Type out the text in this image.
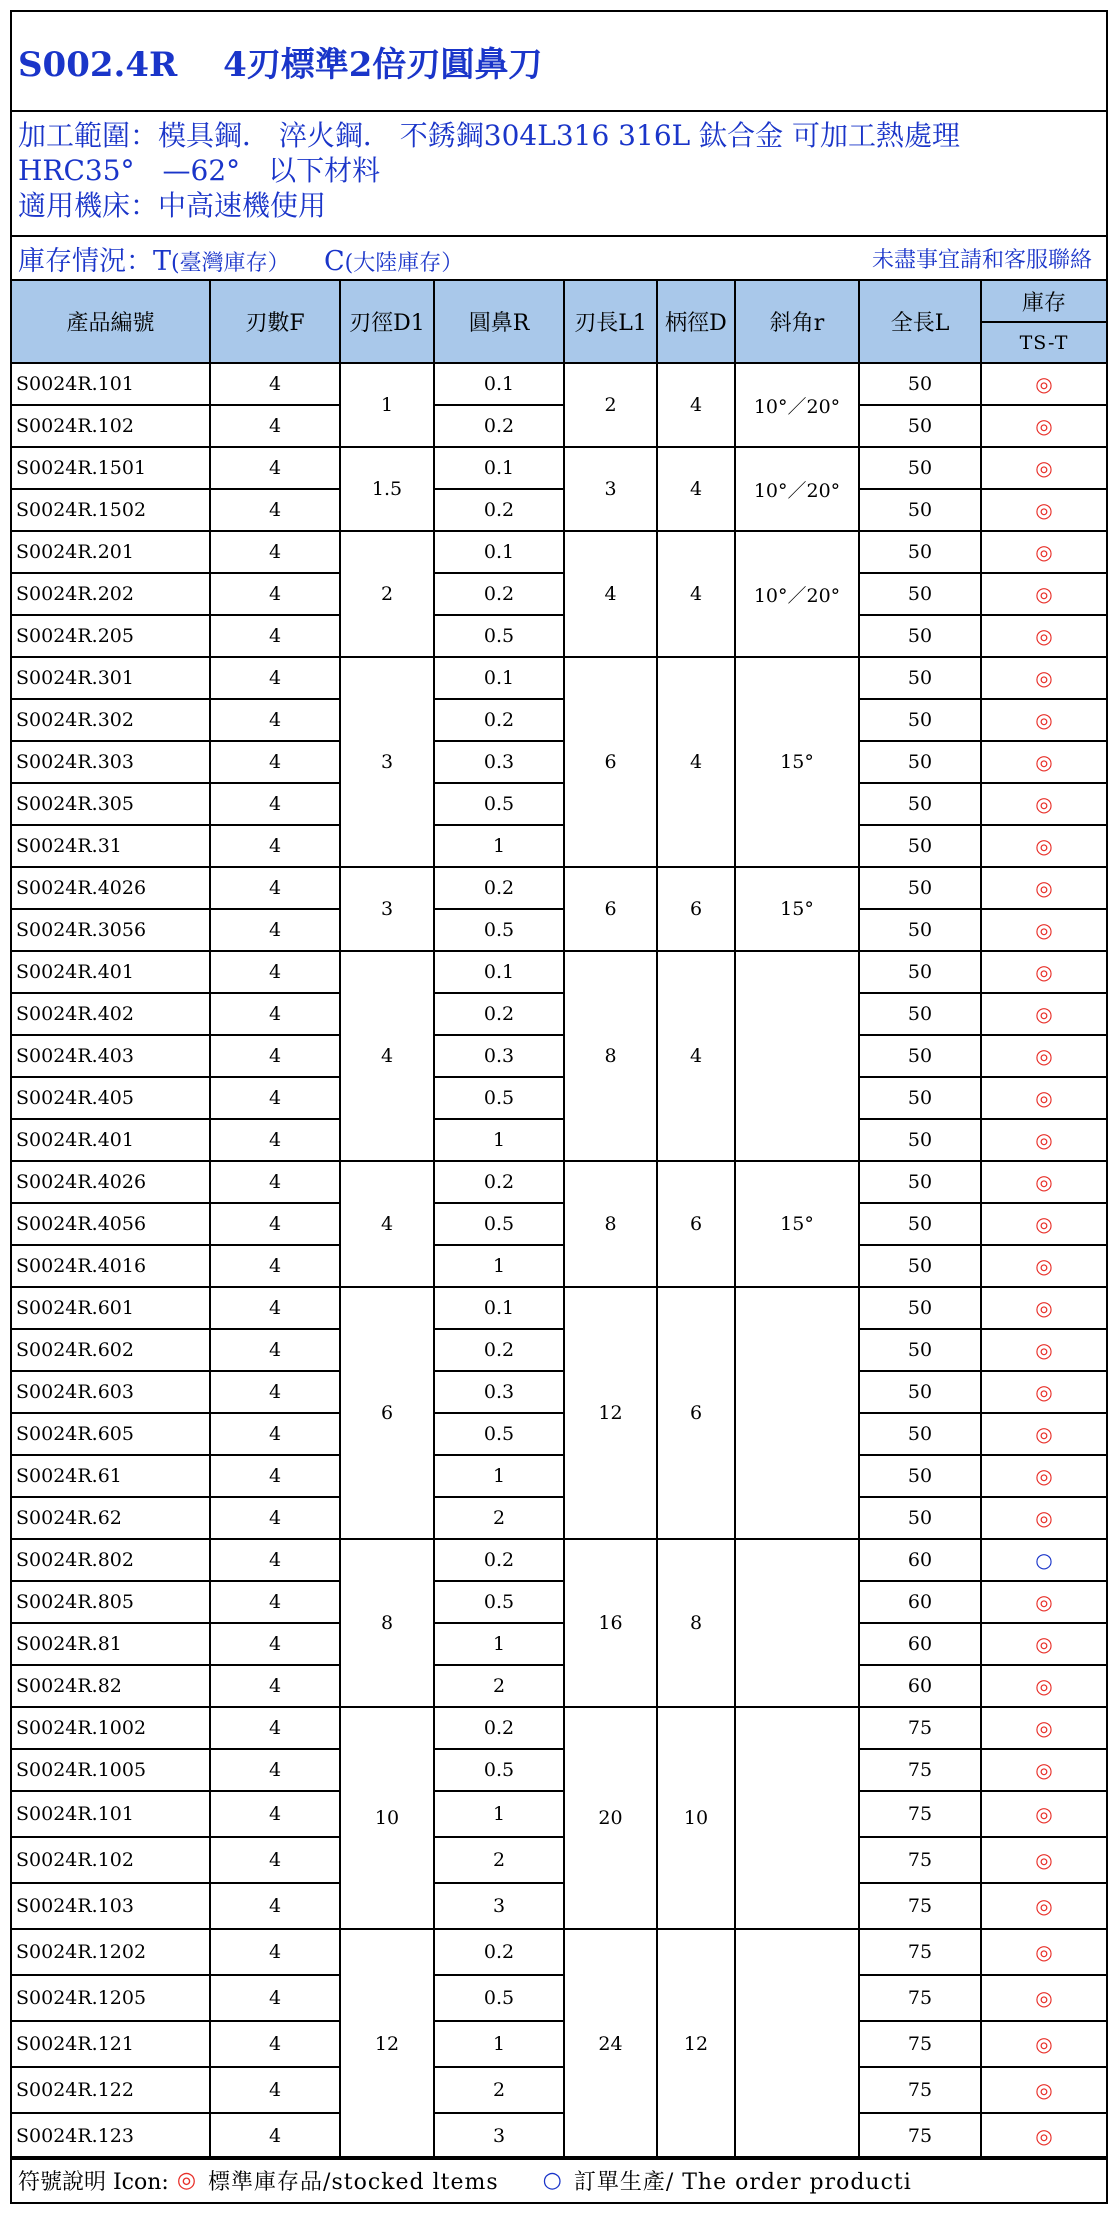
S002.4R　 4刃標準2倍刃圓鼻刀
加工範圍：模具鋼． 淬火鋼． 不銹鋼304L316 316L 鈦合金 可加工熱處理
HRC35°　—62°　以下材料
適用機床：中高速機使用
庫存情況：T(臺灣庫存） C(大陸庫存）	未盡事宜請和客服聯絡
產品編號	刃數F	刃徑D1	圓鼻R	刃長L1	柄徑D	斜角r	全長L	庫存
								TS-T
S0024R.101	4	1	0.1	2	4	10°／20°	50	◎
S0024R.102	4		0.2				50	◎
S0024R.1501	4	1.5	0.1	3	4	10°／20°	50	◎
S0024R.1502	4		0.2				50	◎
S0024R.201	4	2	0.1	4	4	10°／20°	50	◎
S0024R.202	4		0.2				50	◎
S0024R.205	4		0.5				50	◎
S0024R.301	4	3	0.1	6	4	15°	50	◎
S0024R.302	4		0.2				50	◎
S0024R.303	4		0.3				50	◎
S0024R.305	4		0.5				50	◎
S0024R.31	4		1				50	◎
S0024R.4026	4	3	0.2	6	6	15°	50	◎
S0024R.3056	4		0.5				50	◎
S0024R.401	4	4	0.1	8	4		50	◎
S0024R.402	4		0.2				50	◎
S0024R.403	4		0.3				50	◎
S0024R.405	4		0.5				50	◎
S0024R.401	4		1				50	◎
S0024R.4026	4	4	0.2	8	6	15°	50	◎
S0024R.4056	4		0.5				50	◎
S0024R.4016	4		1				50	◎
S0024R.601	4	6	0.1	12	6		50	◎
S0024R.602	4		0.2				50	◎
S0024R.603	4		0.3				50	◎
S0024R.605	4		0.5				50	◎
S0024R.61	4		1				50	◎
S0024R.62	4		2				50	◎
S0024R.802	4	8	0.2	16	8		60	○
S0024R.805	4		0.5				60	◎
S0024R.81	4		1				60	◎
S0024R.82	4		2				60	◎
S0024R.1002	4	10	0.2	20	10		75	◎
S0024R.1005	4		0.5				75	◎
S0024R.101	4		1				75	◎
S0024R.102	4		2				75	◎
S0024R.103	4		3				75	◎
S0024R.1202	4	12	0.2	24	12		75	◎
S0024R.1205	4		0.5				75	◎
S0024R.121	4		1				75	◎
S0024R.122	4		2				75	◎
S0024R.123	4		3				75	◎
符號說明 Icon: ◎ 標準庫存品/stocked ltems ○ 訂單生產/ The order producti
